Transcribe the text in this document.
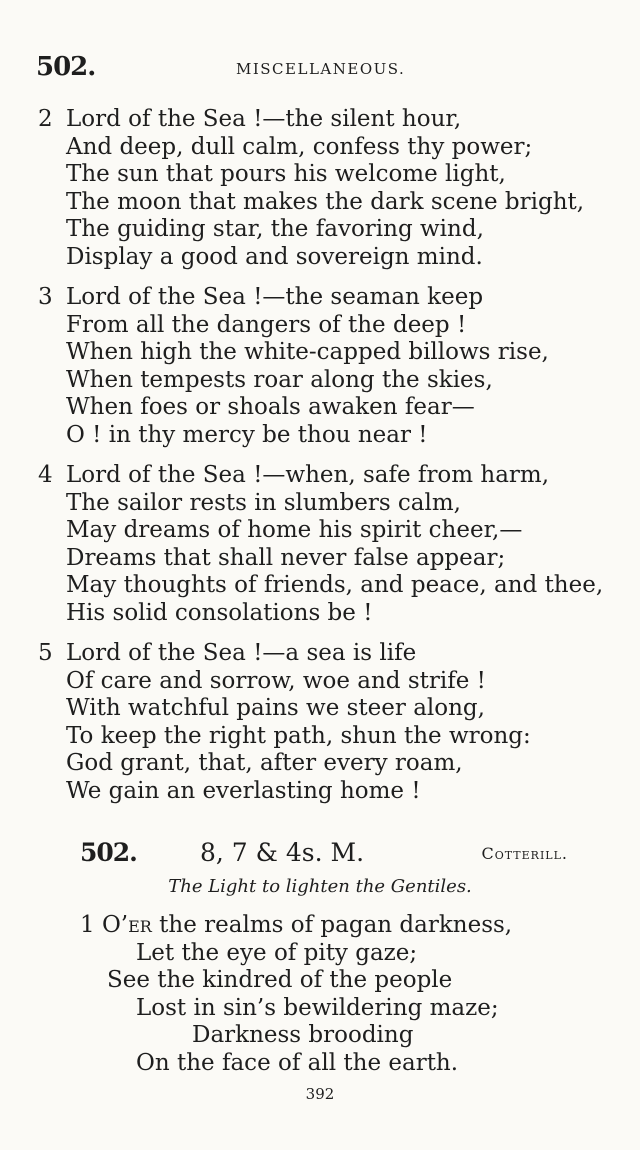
502.	MISCELLANEOUS.
2 Lord of the Sea !—the silent hour,
And deep, dull calm, confess thy power;
The sun that pours his welcome light,
The moon that makes the dark scene bright,
The guiding star, the favoring wind,
Display a good and sovereign mind.
3 Lord of the Sea !—the seaman keep
From all the dangers of the deep !
When high the white-capped billows rise,
When tempests roar along the skies,
When foes or shoals awaken fear—
O ! in thy mercy be thou near !
4 Lord of the Sea !—when, safe from harm,
The sailor rests in slumbers calm,
May dreams of home his spirit cheer,—
Dreams that shall never false appear;
May thoughts of friends, and peace, and thee,
His solid consolations be !
5 Lord of the Sea !—a sea is life
Of care and sorrow, woe and strife !
With watchful pains we steer along,
To keep the right path, shun the wrong:
God grant, that, after every roam,
We gain an everlasting home !
502.	8, 7 & 4s. M.	Cotterill.
The Light to lighten the Gentiles.
1 O’er the realms of pagan darkness,
Let the eye of pity gaze;
See the kindred of the people
Lost in sin’s bewildering maze;
Darkness brooding
On the face of all the earth.
392
